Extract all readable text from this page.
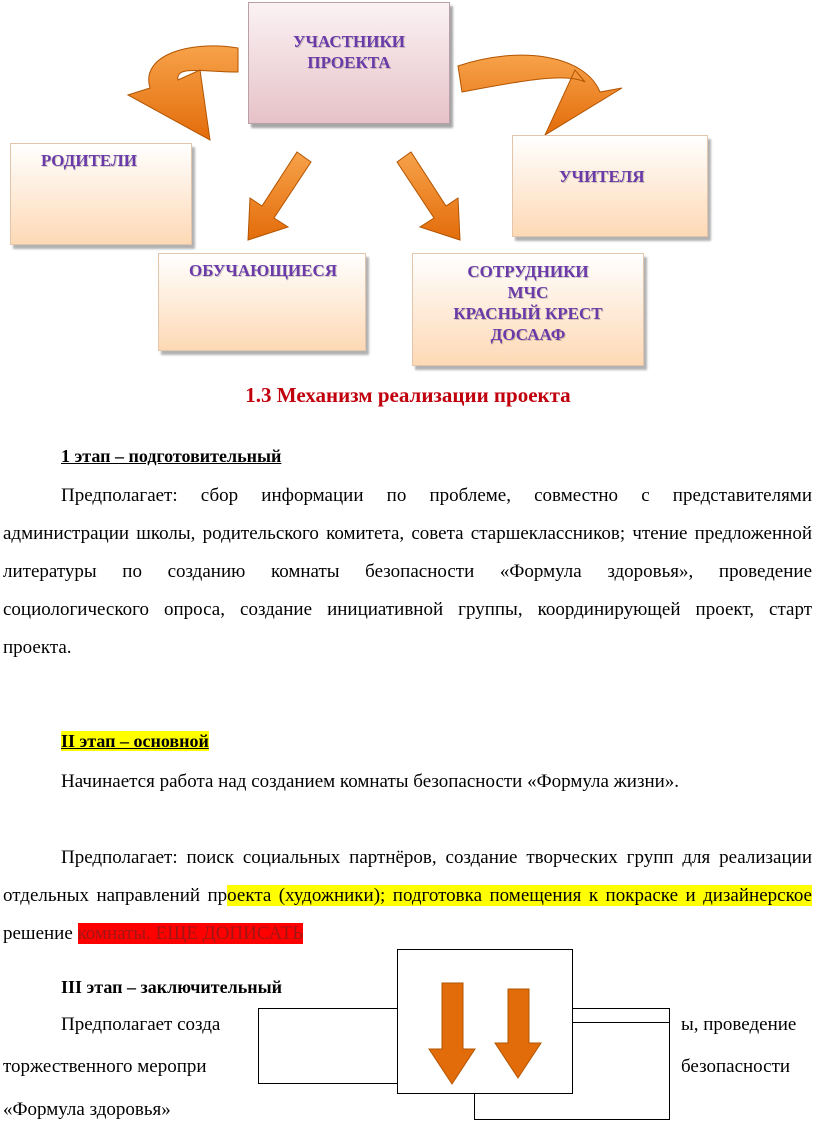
УЧАСТНИКИ
ПРОЕКТА
РОДИТЕЛИ
УЧИТЕЛЯ
ОБУЧАЮЩИЕСЯ	СОТРУДНИКИ
МЧС
КРАСНЫЙ КРЕСТ
ДОСААФ
1.3 Механизм реализации проекта
1 этап – подготовительный

Предполагает: сбор информации по проблеме, совместно с представителями администрации школы, родительского комитета, совета старшеклассников; чтение предложенной литературы по созданию комнаты безопасности «Формула здоровья», проведение социологического опроса, создание инициативной группы, координирующей проект, старт проекта.

II этап – основной

Начинается работа над созданием комнаты безопасности «Формула жизни».

Предполагает: поиск социальных партнёров, создание творческих групп для реализации отдельных направлений проекта (художники); подготовка помещения к покраске и дизайнерское решение комнаты. ЕЩЕ ДОПИСАТЬ

III этап – заключительный
Предполагает созда	ы, проведение
торжественного меропри	безопасности
«Формула здоровья»
